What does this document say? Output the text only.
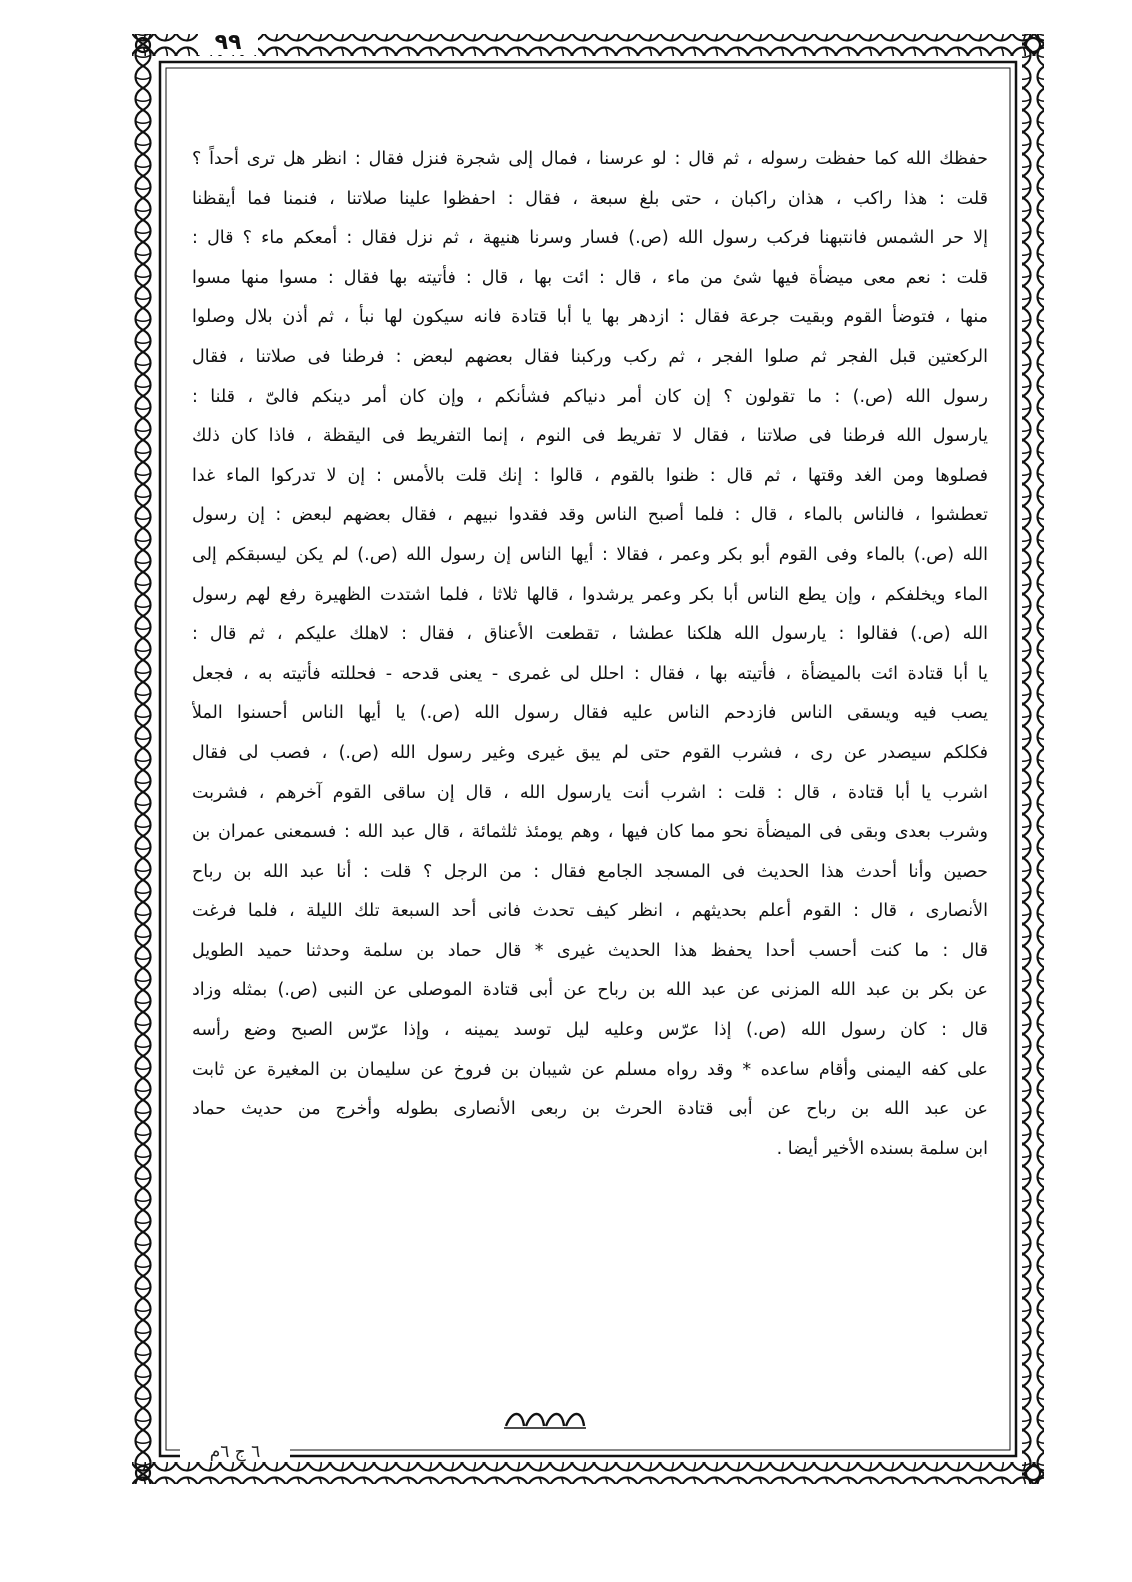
٩٩
حفظك الله كما حفظت رسوله ، ثم قال : لو عرسنا ، فمال إلى شجرة فنزل فقال : انظر هل ترى أحداً ؟
قلت : هذا راكب ، هذان راكبان ، حتى بلغ سبعة ، فقال : احفظوا علينا صلاتنا ، فنمنا فما أيقظنا
إلا حر الشمس فانتبهنا فركب رسول الله (ص.) فسار وسرنا هنيهة ، ثم نزل فقال : أمعكم ماء ؟ قال :
قلت : نعم معى ميضأة فيها شئ من ماء ، قال : ائت بها ، قال : فأتيته بها فقال : مسوا منها مسوا
منها ، فتوضأ القوم وبقيت جرعة فقال : ازدهر بها يا أبا قتادة فانه سيكون لها نبأ ، ثم أذن بلال وصلوا
الركعتين قبل الفجر ثم صلوا الفجر ، ثم ركب وركبنا فقال بعضهم لبعض : فرطنا فى صلاتنا ، فقال
رسول الله (ص.) : ما تقولون ؟ إن كان أمر دنياكم فشأنكم ، وإن كان أمر دينكم فالىّ ، قلنا :
يارسول الله فرطنا فى صلاتنا ، فقال لا تفريط فى النوم ، إنما التفريط فى اليقظة ، فاذا كان ذلك
فصلوها ومن الغد وقتها ، ثم قال : ظنوا بالقوم ، قالوا : إنك قلت بالأمس : إن لا تدركوا الماء غدا
تعطشوا ، فالناس بالماء ، قال : فلما أصبح الناس وقد فقدوا نبيهم ، فقال بعضهم لبعض : إن رسول
الله (ص.) بالماء وفى القوم أبو بكر وعمر ، فقالا : أيها الناس إن رسول الله (ص.) لم يكن ليسبقكم إلى
الماء ويخلفكم ، وإن يطع الناس أبا بكر وعمر يرشدوا ، قالها ثلاثا ، فلما اشتدت الظهيرة رفع لهم رسول
الله (ص.) فقالوا : يارسول الله هلكنا عطشا ، تقطعت الأعناق ، فقال : لاهلك عليكم ، ثم قال :
يا أبا قتادة ائت بالميضأة ، فأتيته بها ، فقال : احلل لى غمرى - يعنى قدحه - فحللته فأتيته به ، فجعل
يصب فيه ويسقى الناس فازدحم الناس عليه فقال رسول الله (ص.) يا أيها الناس أحسنوا الملأ
فكلكم سيصدر عن رى ، فشرب القوم حتى لم يبق غيرى وغير رسول الله (ص.) ، فصب لى فقال
اشرب يا أبا قتادة ، قال : قلت : اشرب أنت يارسول الله ، قال إن ساقى القوم آخرهم ، فشربت
وشرب بعدى وبقى فى الميضأة نحو مما كان فيها ، وهم يومئذ ثلثمائة ، قال عبد الله : فسمعنى عمران بن
حصين وأنا أحدث هذا الحديث فى المسجد الجامع فقال : من الرجل ؟ قلت : أنا عبد الله بن رباح
الأنصارى ، قال : القوم أعلم بحديثهم ، انظر كيف تحدث فانى أحد السبعة تلك الليلة ، فلما فرغت
قال : ما كنت أحسب أحدا يحفظ هذا الحديث غيرى * قال حماد بن سلمة وحدثنا حميد الطويل
عن بكر بن عبد الله المزنى عن عبد الله بن رباح عن أبى قتادة الموصلى عن النبى (ص.) بمثله وزاد
قال : كان رسول الله (ص.) إذا عرّس وعليه ليل توسد يمينه ، وإذا عرّس الصبح وضع رأسه
على كفه اليمنى وأقام ساعده * وقد رواه مسلم عن شيبان بن فروخ عن سليمان بن المغيرة عن ثابت
عن عبد الله بن رباح عن أبى قتادة الحرث بن ربعى الأنصارى بطوله وأخرج من حديث حماد
ابن سلمة بسنده الأخير أيضا .
٦ ج ٦م
